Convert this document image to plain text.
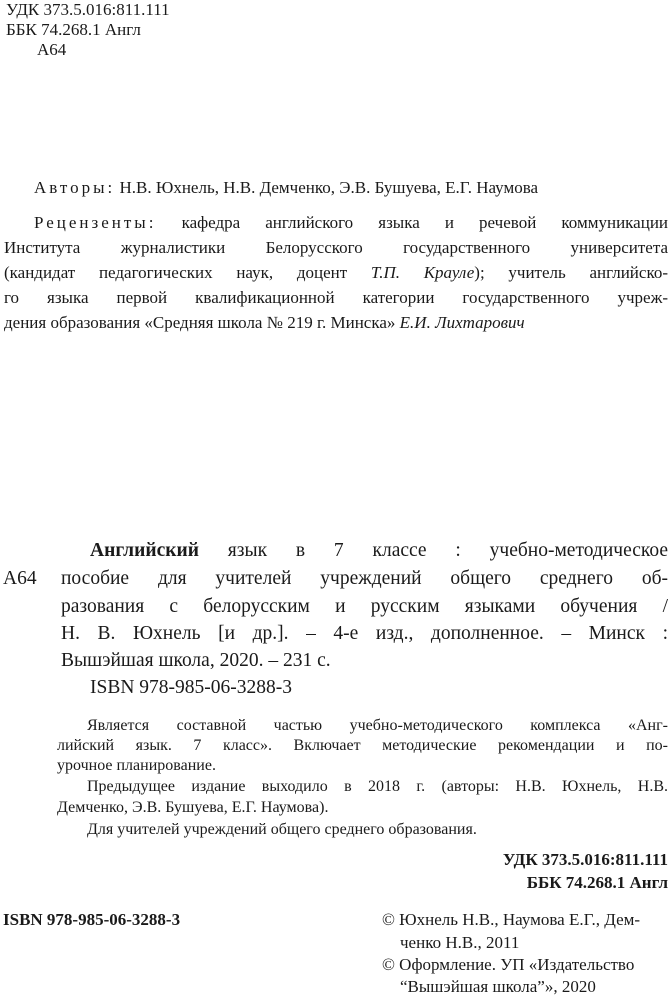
УДК 373.5.016:811.111
ББК 74.268.1 Англ
А64
Авторы: Н.В. Юхнель, Н.В. Демченко, Э.В. Бушуева, Е.Г. Наумова
Рецензенты: кафедра английского языка и речевой коммуникации
Института журналистики Белорусского государственного университета
(кандидат педагогических наук, доцент Т.П. Крауле); учитель английско-
го языка первой квалификационной категории государственного учреж-
дения образования «Средняя школа № 219 г. Минска» Е.И. Лихтарович
Английский язык в 7 классе : учебно-методическое
А64 пособие для учителей учреждений общего среднего об-
разования с белорусским и русским языками обучения /
Н. В. Юхнель [и др.]. – 4-е изд., дополненное. – Минск :
Вышэйшая школа, 2020. – 231 с.
ISBN 978-985-06-3288-3
Является составной частью учебно-методического комплекса «Анг-
лийский язык. 7 класс». Включает методические рекомендации и по-
урочное планирование.
Предыдущее издание выходило в 2018 г. (авторы: Н.В. Юхнель, Н.В.
Демченко, Э.В. Бушуева, Е.Г. Наумова).
Для учителей учреждений общего среднего образования.
УДК 373.5.016:811.111
ББК 74.268.1 Англ
ISBN 978-985-06-3288-3	© Юхнель Н.В., Наумова Е.Г., Дем-
ченко Н.В., 2011
© Оформление. УП «Издательство
“Вышэйшая школа”», 2020
